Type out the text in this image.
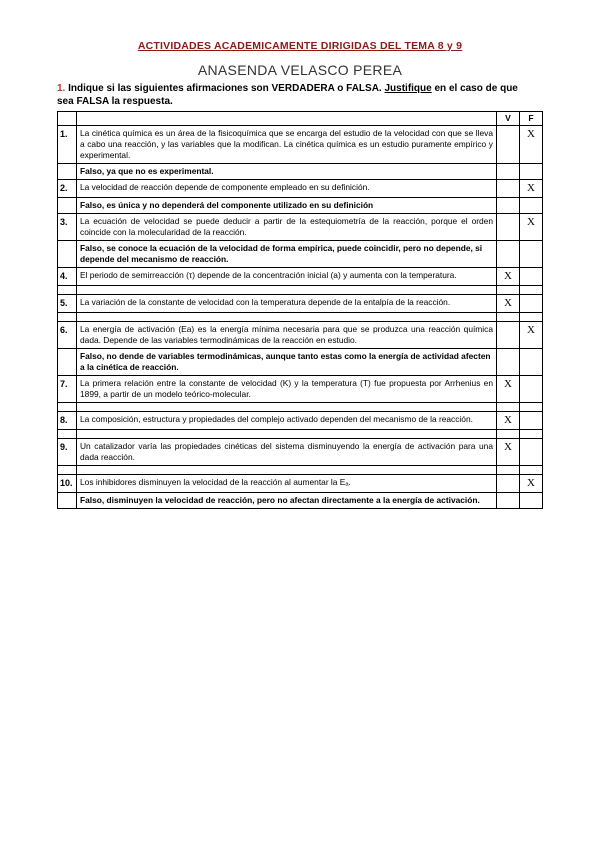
ACTIVIDADES ACADEMICAMENTE DIRIGIDAS DEL TEMA 8 y 9
ANASENDA VELASCO PEREA
1. Indique si las siguientes afirmaciones son VERDADERA o FALSA. Justifique en el caso de que sea FALSA la respuesta.
		V	F
1.	La cinética química es un área de la fisicoquímica que se encarga del estudio de la velocidad con que se lleva a cabo una reacción, y las variables que la modifican. La cinética química es un estudio puramente empírico y experimental.		X
	Falso, ya que no es experimental.		
2.	La velocidad de reacción depende de componente empleado en su definición.		X
	Falso, es única y no dependerá del componente utilizado en su definición		
3.	La ecuación de velocidad se puede deducir a partir de la estequiometría de la reacción, porque el orden coincide con la molecularidad de la reacción.		X
	Falso, se conoce la ecuación de la velocidad de forma empírica, puede coincidir, pero no depende, si depende del mecanismo de reacción.		
4.	El periodo de semirreacción (τ) depende de la concentración inicial (a) y aumenta con la temperatura.	X	

5.	La variación de la constante de velocidad con la temperatura depende de la entalpía de la reacción.	X	

6.	La energía de activación (Ea) es la energía mínima necesaria para que se produzca una reacción química dada. Depende de las variables termodinámicas de la reacción en estudio.		X
	Falso, no dende de variables termodinámicas, aunque tanto estas como la energía de actividad afecten a la cinética de reacción.		
7.	La primera relación entre la constante de velocidad (K) y la temperatura (T) fue propuesta por Arrhenius en 1899, a partir de un modelo teórico-molecular.	X	

8.	La composición, estructura y propiedades del complejo activado dependen del mecanismo de la reacción.	X	

9.	Un catalizador varía las propiedades cinéticas del sistema disminuyendo la energía de activación para una dada reacción.	X	

10.	Los inhibidores disminuyen la velocidad de la reacción al aumentar la Eₐ.		X
	Falso, disminuyen la velocidad de reacción, pero no afectan directamente a la energía de activación.		
